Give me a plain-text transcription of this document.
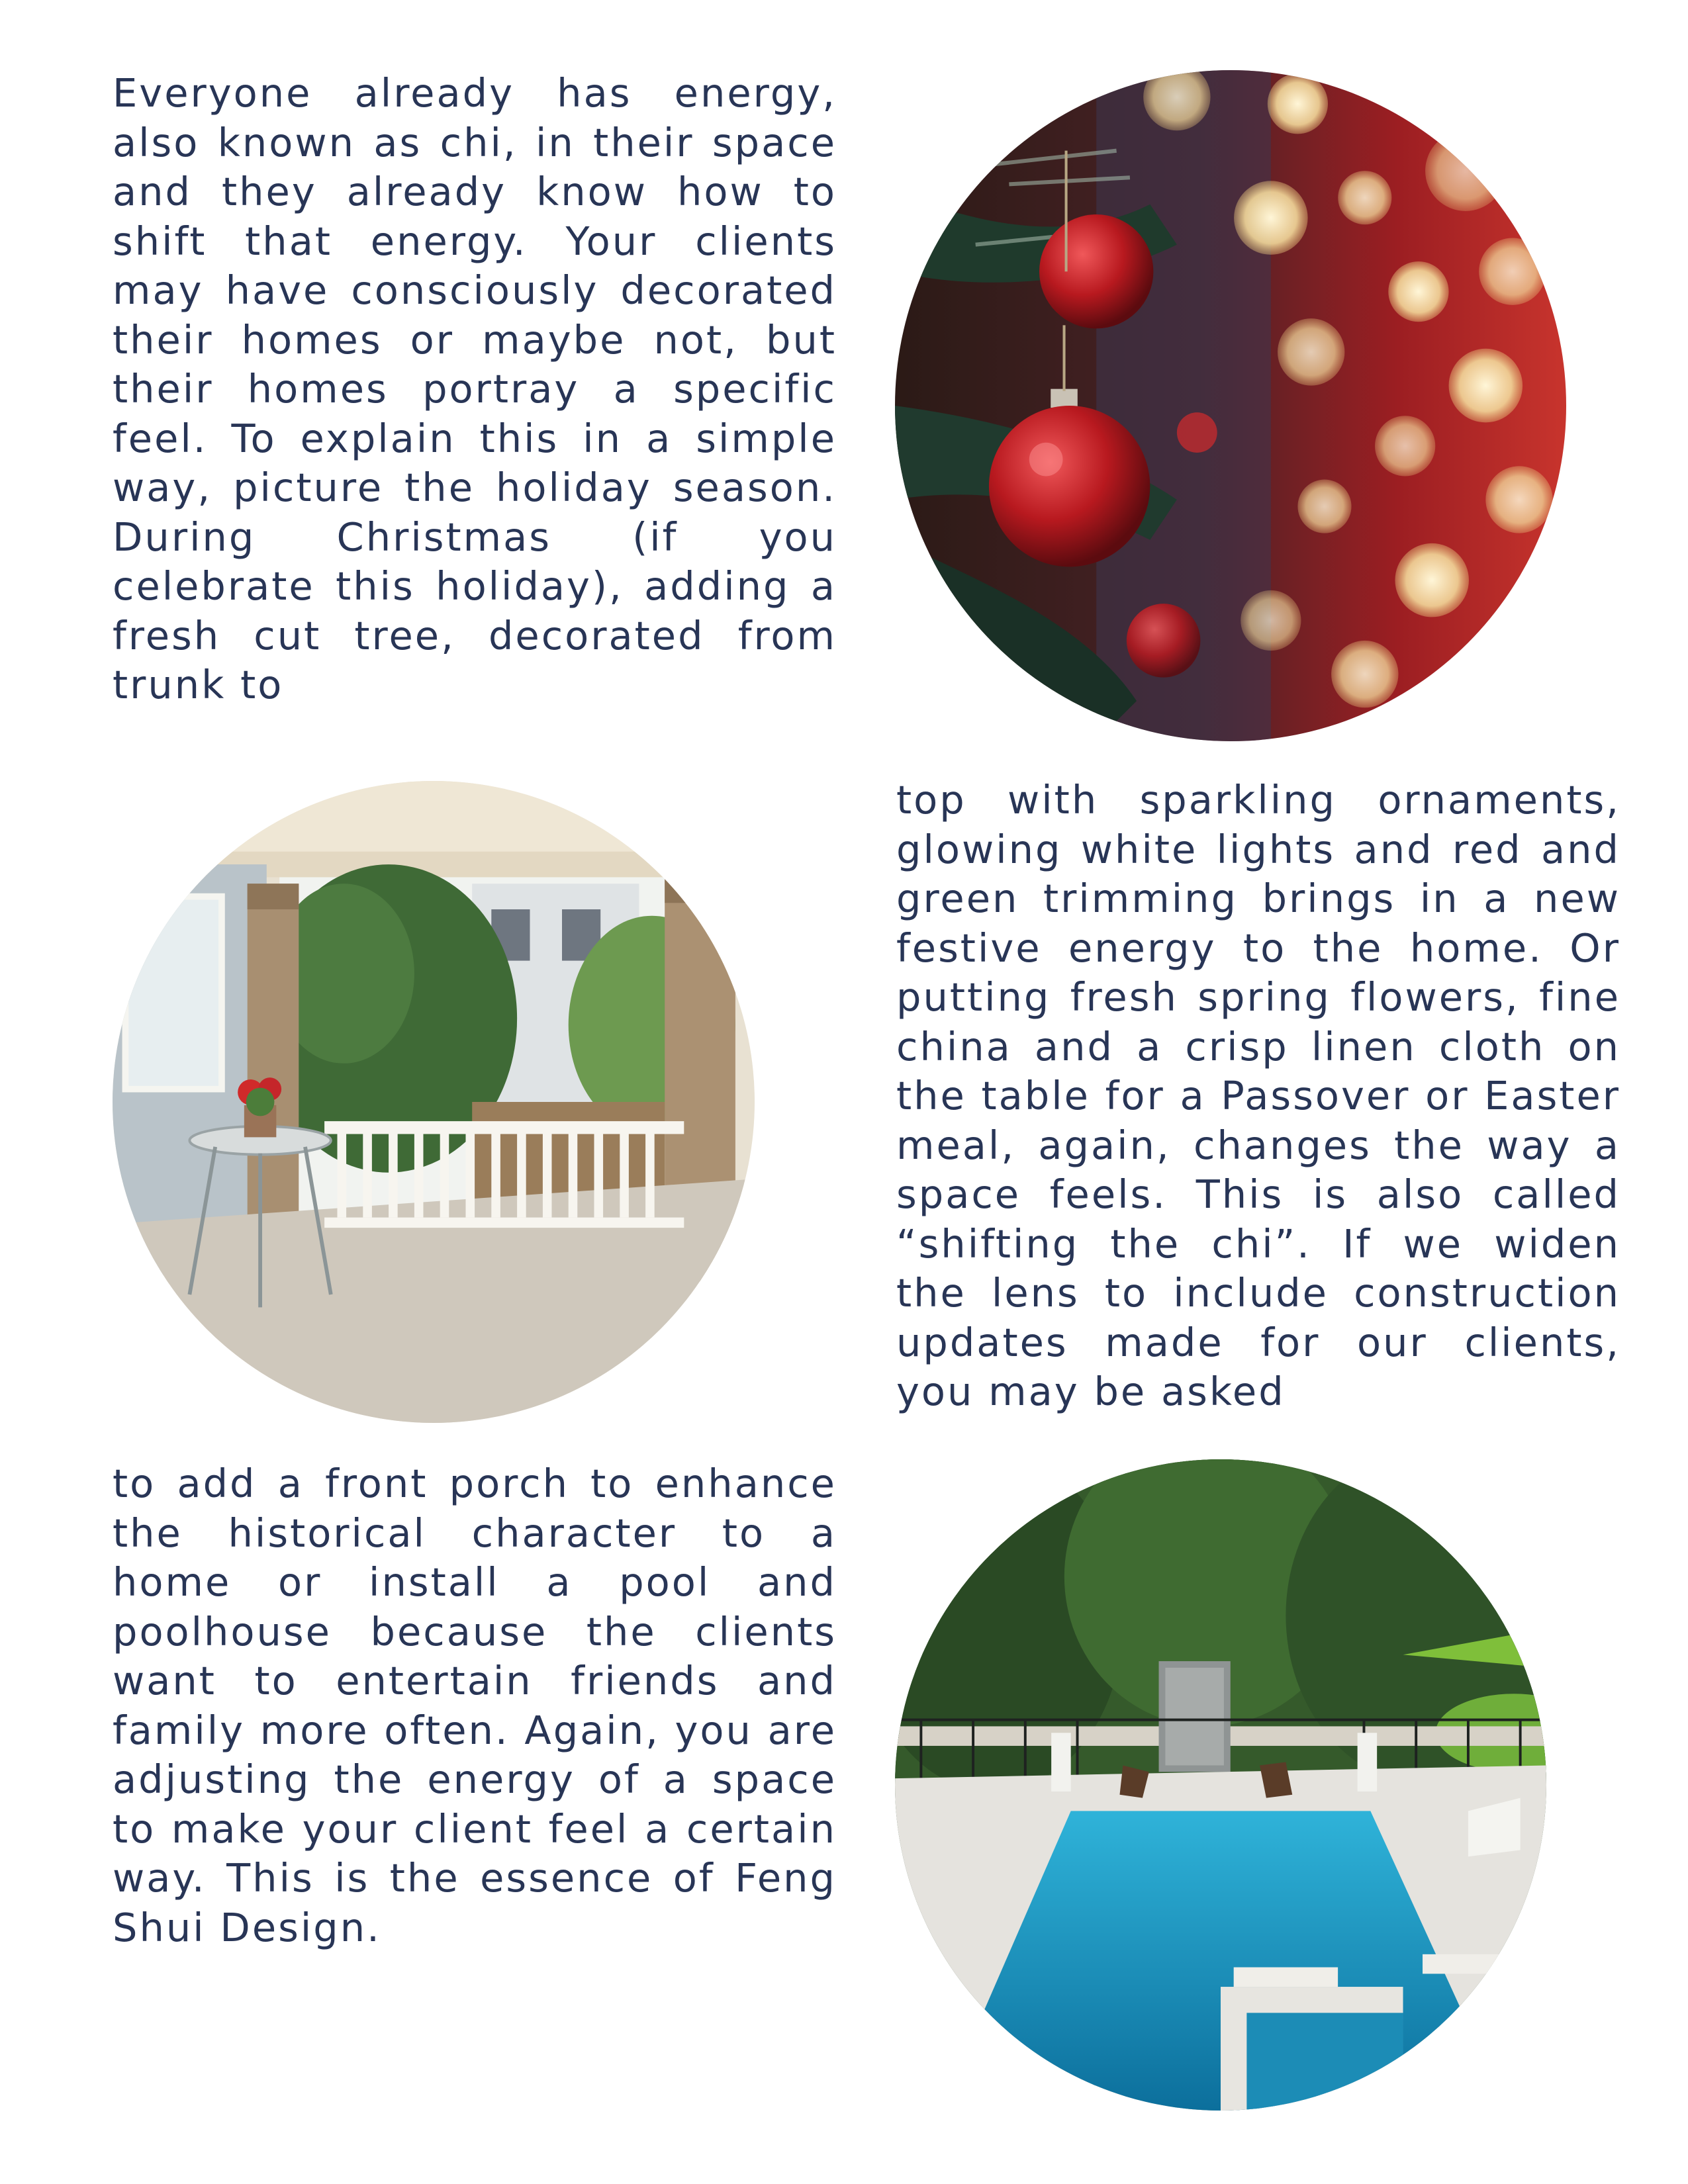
Everyone already has energy, also known as chi, in their space and they already know how to shift that energy. Your clients may have consciously decorated their homes or maybe not, but their homes portray a specific feel. To explain this in a simple way, picture the holiday season. During Christmas (if you celebrate this holiday), adding a fresh cut tree, decorated from trunk to

top with sparkling ornaments, glowing white lights and red and green trimming brings in a new festive energy to the home. Or putting fresh spring flowers, fine china and a crisp linen cloth on the table for a Passover or Easter meal, again, changes the way a space feels. This is also called “shifting the chi”. If we widen the lens to include construction updates made for our clients, you may be asked

to add a front porch to enhance the historical character to a home or install a pool and poolhouse because the clients want to entertain friends and family more often. Again, you are adjusting the energy of a space to make your client feel a certain way. This is the essence of Feng Shui Design.
